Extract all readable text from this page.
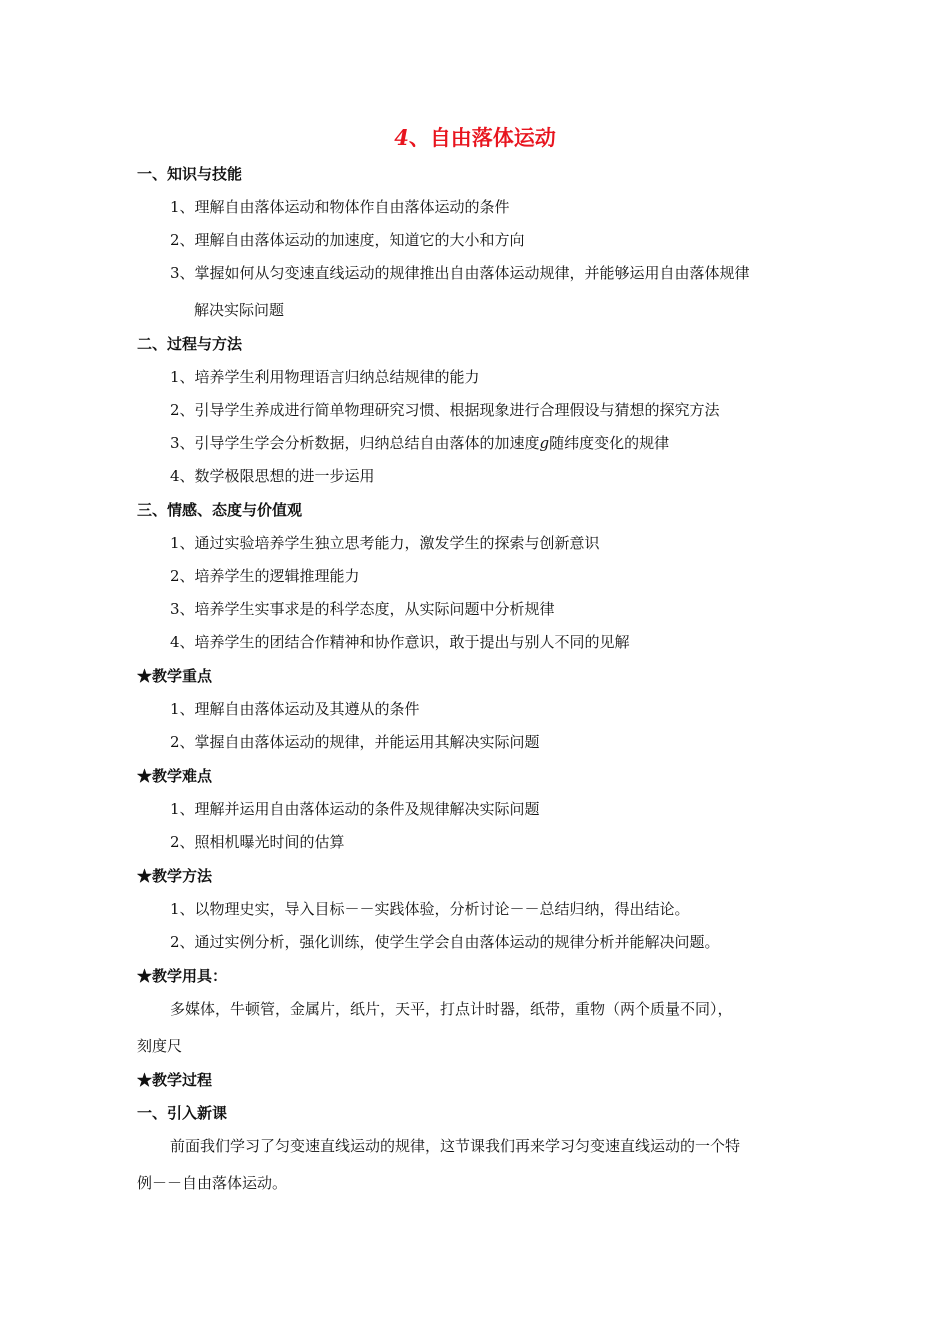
4、自由落体运动
一、知识与技能
1、理解自由落体运动和物体作自由落体运动的条件
2、理解自由落体运动的加速度，知道它的大小和方向
3、掌握如何从匀变速直线运动的规律推出自由落体运动规律，并能够运用自由落体规律
解决实际问题
二、过程与方法
1、培养学生利用物理语言归纳总结规律的能力
2、引导学生养成进行简单物理研究习惯、根据现象进行合理假设与猜想的探究方法
3、引导学生学会分析数据，归纳总结自由落体的加速度g随纬度变化的规律
4、数学极限思想的进一步运用
三、情感、态度与价值观
1、通过实验培养学生独立思考能力，激发学生的探索与创新意识
2、培养学生的逻辑推理能力
3、培养学生实事求是的科学态度，从实际问题中分析规律
4、培养学生的团结合作精神和协作意识，敢于提出与别人不同的见解
★教学重点
1、理解自由落体运动及其遵从的条件
2、掌握自由落体运动的规律，并能运用其解决实际问题
★教学难点
1、理解并运用自由落体运动的条件及规律解决实际问题
2、照相机曝光时间的估算
★教学方法
1、以物理史实，导入目标－－实践体验，分析讨论－－总结归纳，得出结论。
2、通过实例分析，强化训练，使学生学会自由落体运动的规律分析并能解决问题。
★教学用具：
多媒体，牛顿管，金属片，纸片，天平，打点计时器，纸带，重物（两个质量不同），
刻度尺
★教学过程
一、引入新课
前面我们学习了匀变速直线运动的规律，这节课我们再来学习匀变速直线运动的一个特
例－－自由落体运动。
